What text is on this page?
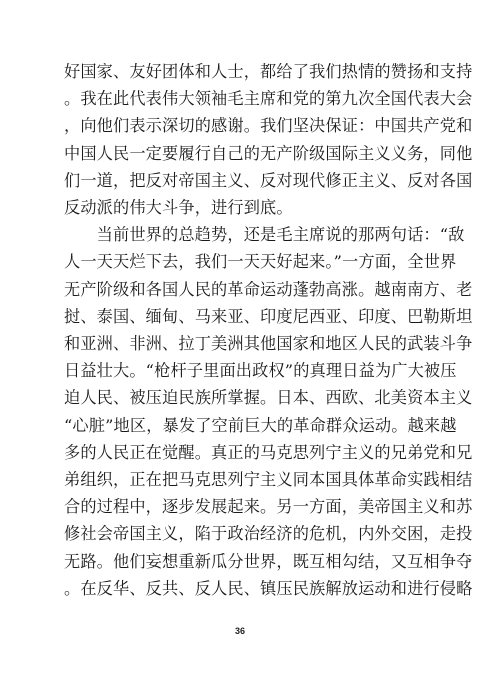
好国家、友好团体和人士，都给了我们热情的赞扬和支持
。我在此代表伟大领袖毛主席和党的第九次全国代表大会
，向他们表示深切的感谢。我们坚决保证：中国共产党和
中国人民一定要履行自己的无产阶级国际主义义务，同他
们一道，把反对帝国主义、反对现代修正主义、反对各国
反动派的伟大斗争，进行到底。
　　当前世界的总趋势，还是毛主席说的那两句话：“敌
人一天天烂下去，我们一天天好起来。”一方面，全世界
无产阶级和各国人民的革命运动蓬勃高涨。越南南方、老
挝、泰国、缅甸、马来亚、印度尼西亚、印度、巴勒斯坦
和亚洲、非洲、拉丁美洲其他国家和地区人民的武装斗争
日益壮大。“枪杆子里面出政权”的真理日益为广大被压
迫人民、被压迫民族所掌握。日本、西欧、北美资本主义
“心脏”地区，暴发了空前巨大的革命群众运动。越来越
多的人民正在觉醒。真正的马克思列宁主义的兄弟党和兄
弟组织，正在把马克思列宁主义同本国具体革命实践相结
合的过程中，逐步发展起来。另一方面，美帝国主义和苏
修社会帝国主义，陷于政治经济的危机，内外交困，走投
无路。他们妄想重新瓜分世界，既互相勾结，又互相争夺
。在反华、反共、反人民、镇压民族解放运动和进行侵略
36
